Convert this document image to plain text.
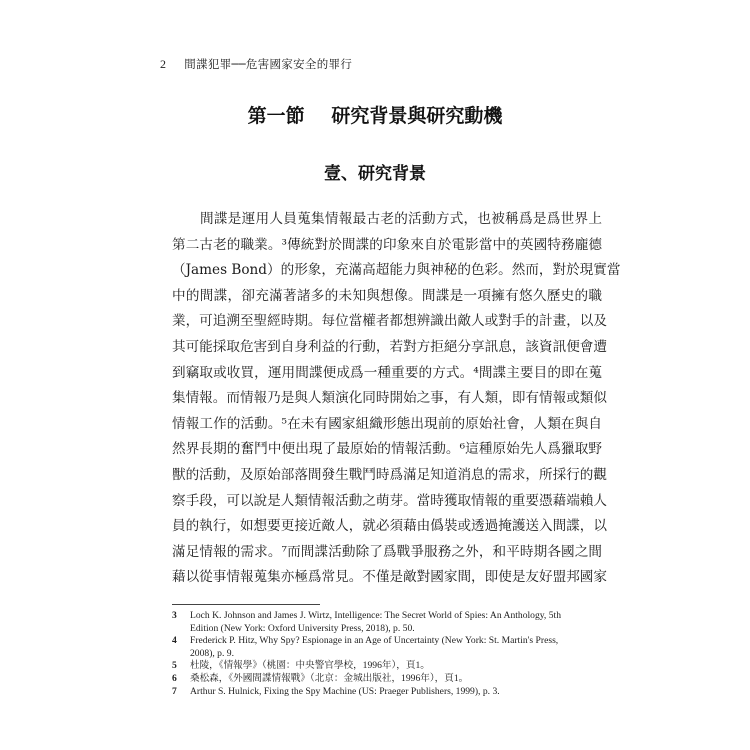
2 間諜犯罪──危害國家安全的罪行
第一節 研究背景與研究動機
壹、研究背景
間諜是運用人員蒐集情報最古老的活動方式，也被稱爲是爲世界上
第二古老的職業。³傳統對於間諜的印象來自於電影當中的英國特務龐德
（James Bond）的形象，充滿高超能力與神秘的色彩。然而，對於現實當
中的間諜，卻充滿著諸多的未知與想像。間諜是一項擁有悠久歷史的職
業，可追溯至聖經時期。每位當權者都想辨識出敵人或對手的計畫，以及
其可能採取危害到自身利益的行動，若對方拒絕分享訊息，該資訊便會遭
到竊取或收買，運用間諜便成爲一種重要的方式。⁴間諜主要目的即在蒐
集情報。而情報乃是與人類演化同時開始之事，有人類，即有情報或類似
情報工作的活動。⁵在未有國家組織形態出現前的原始社會，人類在與自
然界長期的奮鬥中便出現了最原始的情報活動。⁶這種原始先人爲獵取野
獸的活動，及原始部落間發生戰鬥時爲滿足知道消息的需求，所採行的觀
察手段，可以說是人類情報活動之萌芽。當時獲取情報的重要憑藉端賴人
員的執行，如想要更接近敵人，就必須藉由僞裝或透過掩護送入間諜，以
滿足情報的需求。⁷而間諜活動除了爲戰爭服務之外，和平時期各國之間
藉以從事情報蒐集亦極爲常見。不僅是敵對國家間，即使是友好盟邦國家
3 Loch K. Johnson and James J. Wirtz, Intelligence: The Secret World of Spies: An Anthology, 5th
Edition (New York: Oxford University Press, 2018), p. 50.
4 Frederick P. Hitz, Why Spy? Espionage in an Age of Uncertainty (New York: St. Martin's Press,
2008), p. 9.
5 杜陵，《情報學》（桃園：中央警官學校，1996年），頁1。
6 桑松森，《外國間諜情報戰》（北京：金城出版社，1996年），頁1。
7 Arthur S. Hulnick, Fixing the Spy Machine (US: Praeger Publishers, 1999), p. 3.
